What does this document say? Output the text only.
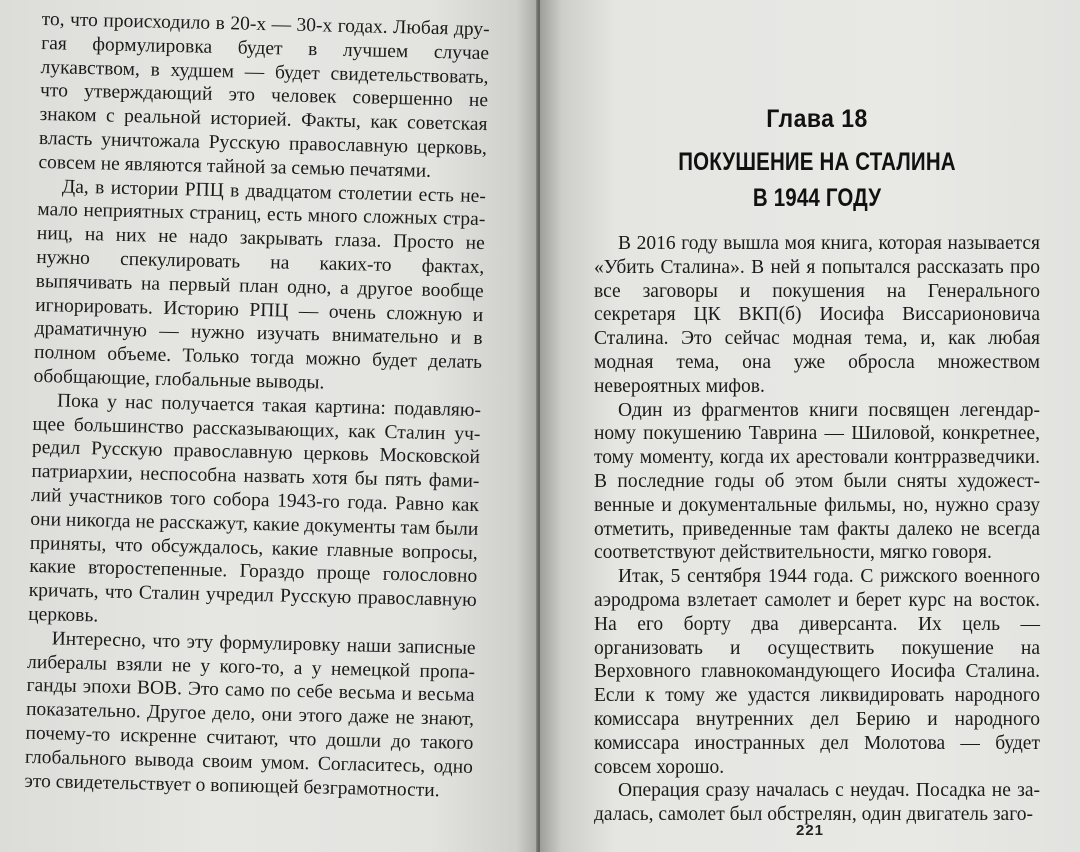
то, что происходило в 20-х — 30-х годах. Любая другая формулировка будет в лучшем случае лукавством, в худшем — будет свидетельствовать, что утверждающий это человек совершенно не знаком с реальной историей. Факты, как советская власть уничтожала Русскую православную церковь, совсем не являются тайной за семью печатями.

Да, в истории РПЦ в двадцатом столетии есть немало неприятных страниц, есть много сложных страниц, на них не надо закрывать глаза. Просто не нужно спекулировать на каких-то фактах, выпячивать на первый план одно, а другое вообще игнорировать. Историю РПЦ — очень сложную и драматичную — нужно изучать внимательно и в полном объеме. Только тогда можно будет делать обобщающие, глобальные выводы.

Пока у нас получается такая картина: подавляющее большинство рассказывающих, как Сталин учредил Русскую православную церковь Московской патриархии, неспособна назвать хотя бы пять фамилий участников того собора 1943-го года. Равно как они никогда не расскажут, какие документы там были приняты, что обсуждалось, какие главные вопросы, какие второстепенные. Гораздо проще голословно кричать, что Сталин учредил Русскую православную церковь.

Интересно, что эту формулировку наши записные либералы взяли не у кого-то, а у немецкой пропаганды эпохи ВОВ. Это само по себе весьма и весьма показательно. Другое дело, они этого даже не знают, почему-то искренне считают, что дошли до такого глобального вывода своим умом. Согласитесь, одно это свидетельствует о вопиющей безграмотности.

Глава 18
ПОКУШЕНИЕ НА СТАЛИНА
В 1944 ГОДУ

В 2016 году вышла моя книга, которая называется «Убить Сталина». В ней я попытался рассказать про все заговоры и покушения на Генерального секретаря ЦК ВКП(б) Иосифа Виссарионовича Сталина. Это сейчас модная тема, и, как любая модная тема, она уже обросла множеством невероятных мифов.

Один из фрагментов книги посвящен легендарному покушению Таврина — Шиловой, конкретнее, тому моменту, когда их арестовали контрразведчики. В последние годы об этом были сняты художественные и документальные фильмы, но, нужно сразу отметить, приведенные там факты далеко не всегда соответствуют действительности, мягко говоря.

Итак, 5 сентября 1944 года. С рижского военного аэродрома взлетает самолет и берет курс на восток. На его борту два диверсанта. Их цель — организовать и осуществить покушение на Верховного главнокомандующего Иосифа Сталина. Если к тому же удастся ликвидировать народного комиссара внутренних дел Берию и народного комиссара иностранных дел Молотова — будет совсем хорошо.

Операция сразу началась с неудач. Посадка не задалась, самолет был обстрелян, один двигатель заго-

221
